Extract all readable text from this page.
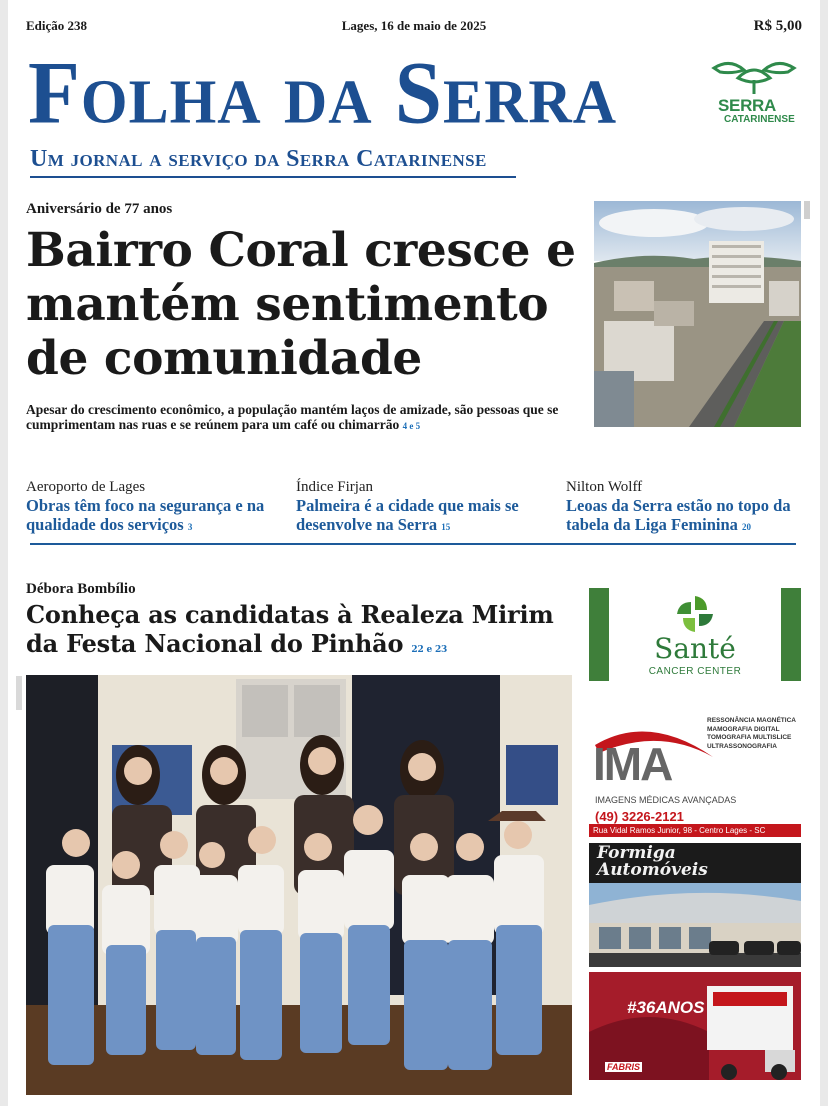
Edição 238	Lages, 16 de maio de 2025	R$ 5,00
Folha da Serra
Um jornal a serviço da Serra Catarinense
SERRA
CATARINENSE
Aniversário de 77 anos
Bairro Coral cresce e mantém sentimento de comunidade

Apesar do crescimento econômico, a população mantém laços de amizade, são pessoas que se cumprimentam nas ruas e se reúnem para um café ou chimarrão 4 e 5

Aeroporto de Lages
Obras têm foco na segurança e na qualidade dos serviços 3
Índice Firjan
Palmeira é a cidade que mais se desenvolve na Serra 15
Nilton Wolff
Leoas da Serra estão no topo da tabela da Liga Feminina 20
Débora Bombílio
Conheça as candidatas à Realeza Mirim da Festa Nacional do Pinhão 22 e 23	Santé
CANCER CENTER
IMA
RESSONÂNCIA MAGNÉTICA
MAMOGRAFIA DIGITAL
TOMOGRAFIA MULTISLICE
ULTRASSONOGRAFIA
IMAGENS MÉDICAS AVANÇADAS
(49) 3226-2121
Rua Vidal Ramos Junior, 98 - Centro Lages - SC
Formiga Automóveis
#36ANOS
FABRIS
